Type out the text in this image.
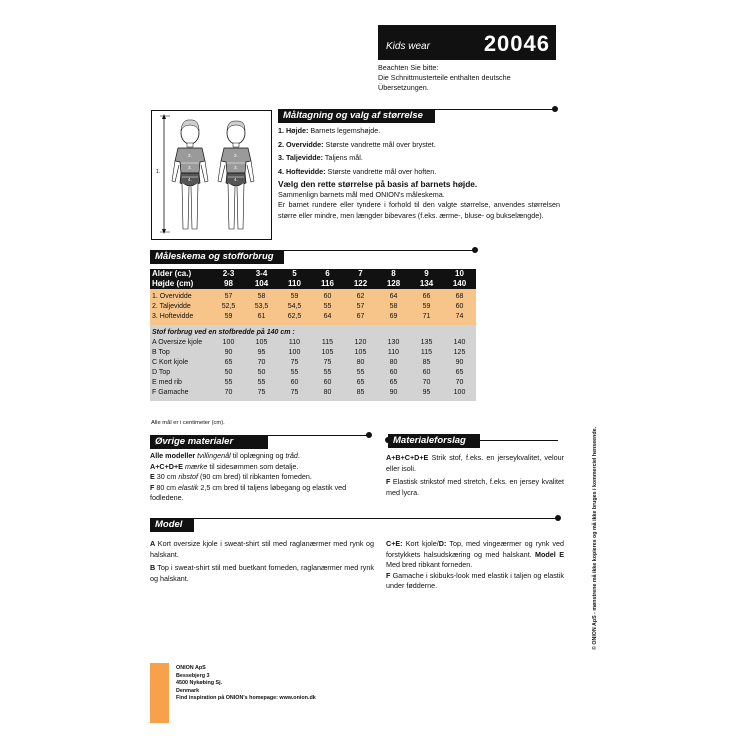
Kids wear 20046
Beachten Sie bitte:
Die Schnittmusterteile enthalten deutsche
Übersetzungen.
Måltagning og valg af størrelse
1.
2.
3.
4.
2.
3.
4.
1. Højde: Barnets legemshøjde.
2. Overvidde: Største vandrette mål over brystet.
3. Taljevidde: Taljens mål.
4. Hoftevidde: Største vandrette mål over hoften.
Vælg den rette størrelse på basis af barnets højde.
Sammenlign barnets mål med ONION's måleskema.
Er barnet rundere eller tyndere i forhold til den valgte størrelse, anvendes størrelsen større eller mindre, men længder bibevares (f.eks. ærme-, bluse- og bukselængde).
Måleskema og stofforbrug
Alder (ca.)	2-3	3-4	5	6	7	8	9	10
Højde (cm)	98	104	110	116	122	128	134	140

1. Overvidde	57	58	59	60	62	64	66	68
2. Taljevidde	52,5	53,5	54,5	55	57	58	59	60
3. Hoftevidde	59	61	62,5	64	67	69	71	74

Stof forbrug ved en stofbredde på 140 cm :								
A Oversize kjole	100	105	110	115	120	130	135	140
B Top	90	95	100	105	105	110	115	125
C Kort kjole	65	70	75	75	80	80	85	90
D Top	50	50	55	55	55	60	60	65
E med rib	55	55	60	60	65	65	70	70
F Gamache	70	75	75	80	85	90	95	100

Alle mål er i centimeter (cm).
Øvrige materialer
Alle modeller tvillingenål til oplægning og tråd.
A+C+D+E mærke til sidesømmen som detalje.
E 30 cm ribstof (90 cm bred) til ribkanten forneden.
F 80 cm elastik 2,5 cm bred til taljens løbegang og elastik ved fodledene.
Materialeforslag
A+B+C+D+E Strik stof, f.eks. en jerseykvalitet, velour eller isoli.
F Elastisk strikstof med stretch, f.eks. en jersey kvalitet med lycra.
Model
A Kort oversize kjole i sweat-shirt stil med raglanærmer med rynk og halskant.
B Top i sweat-shirt stil med buetkant forneden, raglanærmer med rynk og halskant.
C+E: Kort kjole/D: Top, med vingeærmer og rynk ved forstykkets halsudskæring og med halskant. Model E Med bred ribkant forneden.
F Gamache i skibuks-look med elastik i taljen og elastik under fødderne.	© ONION ApS - mønstrene må ikke kopieres og må ikke bruges i kommerciel henseende.
ONION ApS
Bessebjerg 3
4500 Nykøbing Sj.
Denmark
Find inspiration på ONION's homepage: www.onion.dk
